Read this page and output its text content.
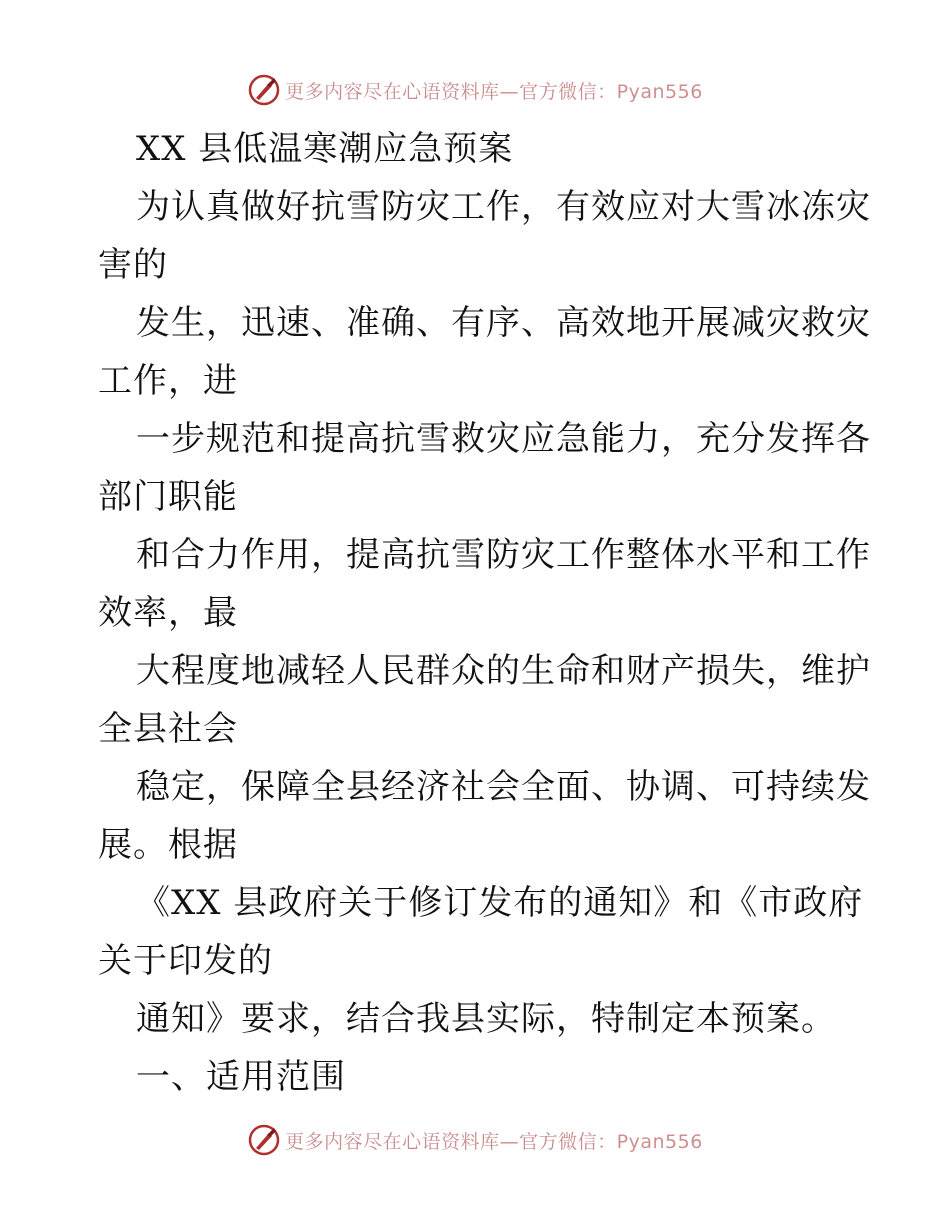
更多内容尽在心语资料库—官方微信：Pyan556
XX 县低温寒潮应急预案
为认真做好抗雪防灾工作，有效应对大雪冰冻灾
害的
发生，迅速、准确、有序、高效地开展减灾救灾
工作，进
一步规范和提高抗雪救灾应急能力，充分发挥各
部门职能
和合力作用，提高抗雪防灾工作整体水平和工作
效率，最
大程度地减轻人民群众的生命和财产损失，维护
全县社会
稳定，保障全县经济社会全面、协调、可持续发
展。根据
《XX 县政府关于修订发布的通知》和《市政府
关于印发的
通知》要求，结合我县实际，特制定本预案。
一、适用范围
更多内容尽在心语资料库—官方微信：Pyan556
